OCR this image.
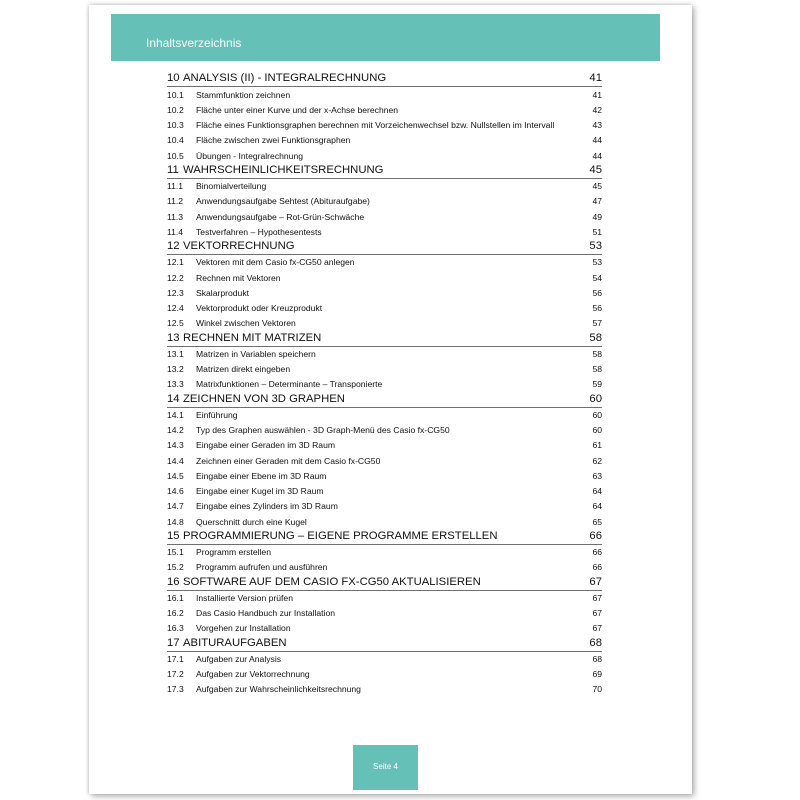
Inhaltsverzeichnis
10 ANALYSIS (II) - INTEGRALRECHNUNG	41
10.1 Stammfunktion zeichnen	41
10.2 Fläche unter einer Kurve und der x-Achse berechnen	42
10.3 Fläche eines Funktionsgraphen berechnen mit Vorzeichenwechsel bzw. Nullstellen im Intervall	43
10.4 Fläche zwischen zwei Funktionsgraphen	44
10.5 Übungen - Integralrechnung	44
11 WAHRSCHEINLICHKEITSRECHNUNG	45
11.1 Binomialverteilung	45
11.2 Anwendungsaufgabe Sehtest (Abituraufgabe)	47
11.3 Anwendungsaufgabe – Rot-Grün-Schwäche	49
11.4 Testverfahren – Hypothesentests	51
12 VEKTORRECHNUNG	53
12.1 Vektoren mit dem Casio fx-CG50 anlegen	53
12.2 Rechnen mit Vektoren	54
12.3 Skalarprodukt	56
12.4 Vektorprodukt oder Kreuzprodukt	56
12.5 Winkel zwischen Vektoren	57
13 RECHNEN MIT MATRIZEN	58
13.1 Matrizen in Variablen speichern	58
13.2 Matrizen direkt eingeben	58
13.3 Matrixfunktionen – Determinante – Transponierte	59
14 ZEICHNEN VON 3D GRAPHEN	60
14.1 Einführung	60
14.2 Typ des Graphen auswählen - 3D Graph-Menü des Casio fx-CG50	60
14.3 Eingabe einer Geraden im 3D Raum	61
14.4 Zeichnen einer Geraden mit dem Casio fx-CG50	62
14.5 Eingabe einer Ebene im 3D Raum	63
14.6 Eingabe einer Kugel im 3D Raum	64
14.7 Eingabe eines Zylinders im 3D Raum	64
14.8 Querschnitt durch eine Kugel	65
15 PROGRAMMIERUNG – EIGENE PROGRAMME ERSTELLEN	66
15.1 Programm erstellen	66
15.2 Programm aufrufen und ausführen	66
16 SOFTWARE AUF DEM CASIO FX-CG50 AKTUALISIEREN	67
16.1 Installierte Version prüfen	67
16.2 Das Casio Handbuch zur Installation	67
16.3 Vorgehen zur Installation	67
17 ABITURAUFGABEN	68
17.1 Aufgaben zur Analysis	68
17.2 Aufgaben zur Vektorrechnung	69
17.3 Aufgaben zur Wahrscheinlichkeitsrechnung	70
Seite 4
